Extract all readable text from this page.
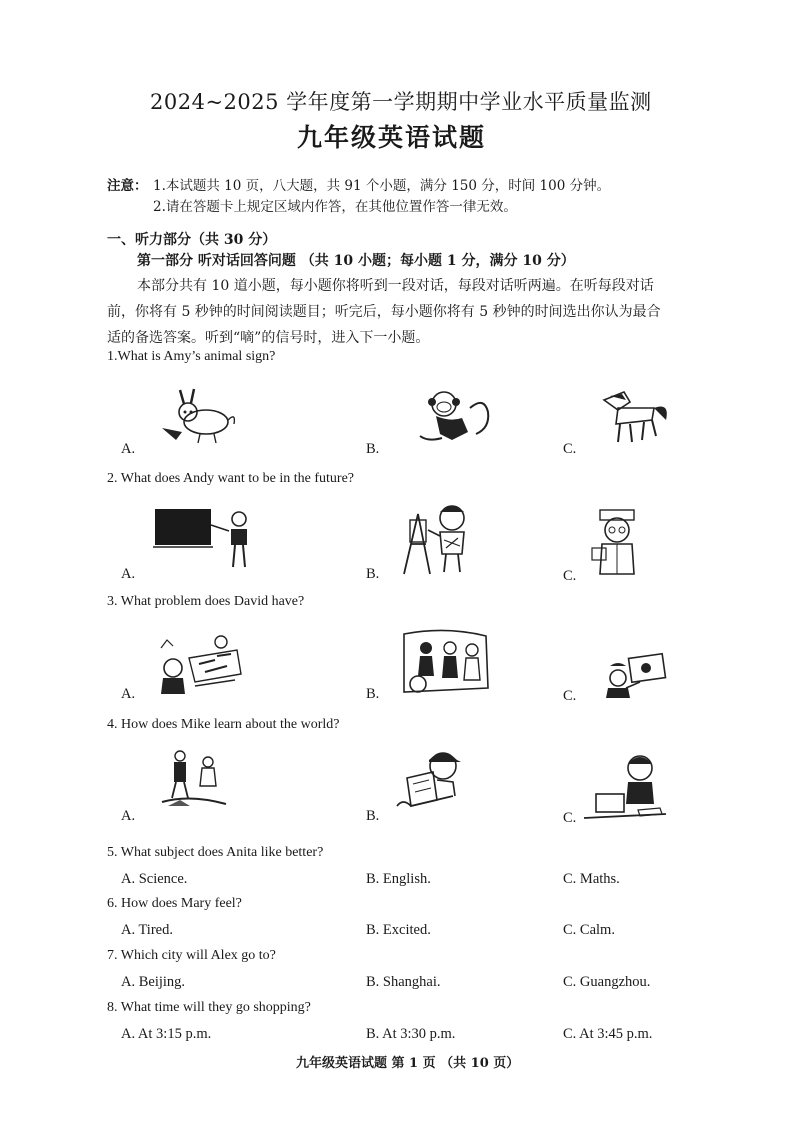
2024~2025 学年度第一学期期中学业水平质量监测
九年级英语试题
注意： 1.本试题共 10 页，八大题，共 91 个小题，满分 150 分，时间 100 分钟。
2.请在答题卡上规定区域内作答，在其他位置作答一律无效。
一、听力部分（共 30 分）
第一部分 听对话回答问题 （共 10 小题；每小题 1 分，满分 10 分）
本部分共有 10 道小题，每小题你将听到一段对话，每段对话听两遍。在听每段对话
前，你将有 5 秒钟的时间阅读题目；听完后，每小题你将有 5 秒钟的时间选出你认为最合
适的备选答案。听到“嘀”的信号时，进入下一小题。
1.What is Amy’s animal sign?
A.	B.	C.
2. What does Andy want to be in the future?
A.	B.	C.
3. What problem does David have?
A.	B.	C.
4. How does Mike learn about the world?
A.	B.	C.
5. What subject does Anita like better?
A. Science.	B. English.	C. Maths.
6. How does Mary feel?
A. Tired.	B. Excited.	C. Calm.
7. Which city will Alex go to?
A. Beijing.	B. Shanghai.	C. Guangzhou.
8. What time will they go shopping?
A. At 3:15 p.m.	B. At 3:30 p.m.	C. At 3:45 p.m.
九年级英语试题 第 1 页 （共 10 页）
